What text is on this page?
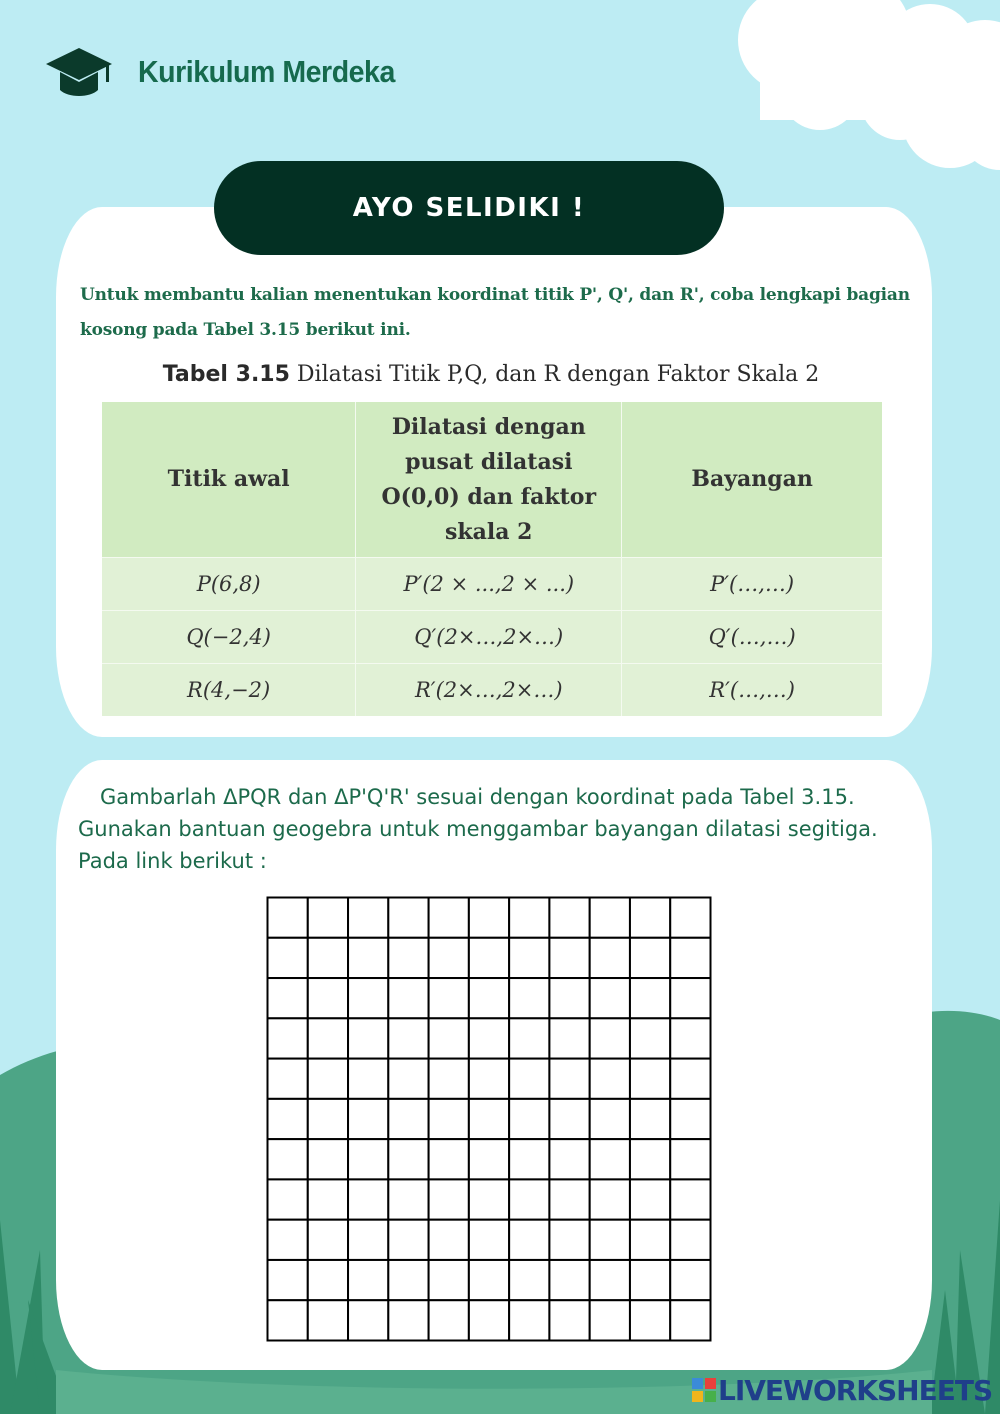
Kurikulum Merdeka
AYO SELIDIKI !
Untuk membantu kalian menentukan koordinat titik P', Q', dan R', coba lengkapi bagian kosong pada Tabel 3.15 berikut ini.
Tabel 3.15 Dilatasi Titik P,Q, dan R dengan Faktor Skala 2
Titik awal	Dilatasi dengan pusat dilatasi O(0,0) dan faktor skala 2	Bayangan
P(6,8)	P′(2 × ...,2 × ...)	P′(…,…)
Q(−2,4)	Q′(2×…,2×…)	Q′(…,…)
R(4,−2)	R′(2×…,2×…)	R′(…,…)
Gambarlah ΔPQR dan ΔP'Q'R' sesuai dengan koordinat pada Tabel 3.15. Gunakan bantuan geogebra untuk menggambar bayangan dilatasi segitiga. Pada link berikut :
LIVEWORKSHEETS
